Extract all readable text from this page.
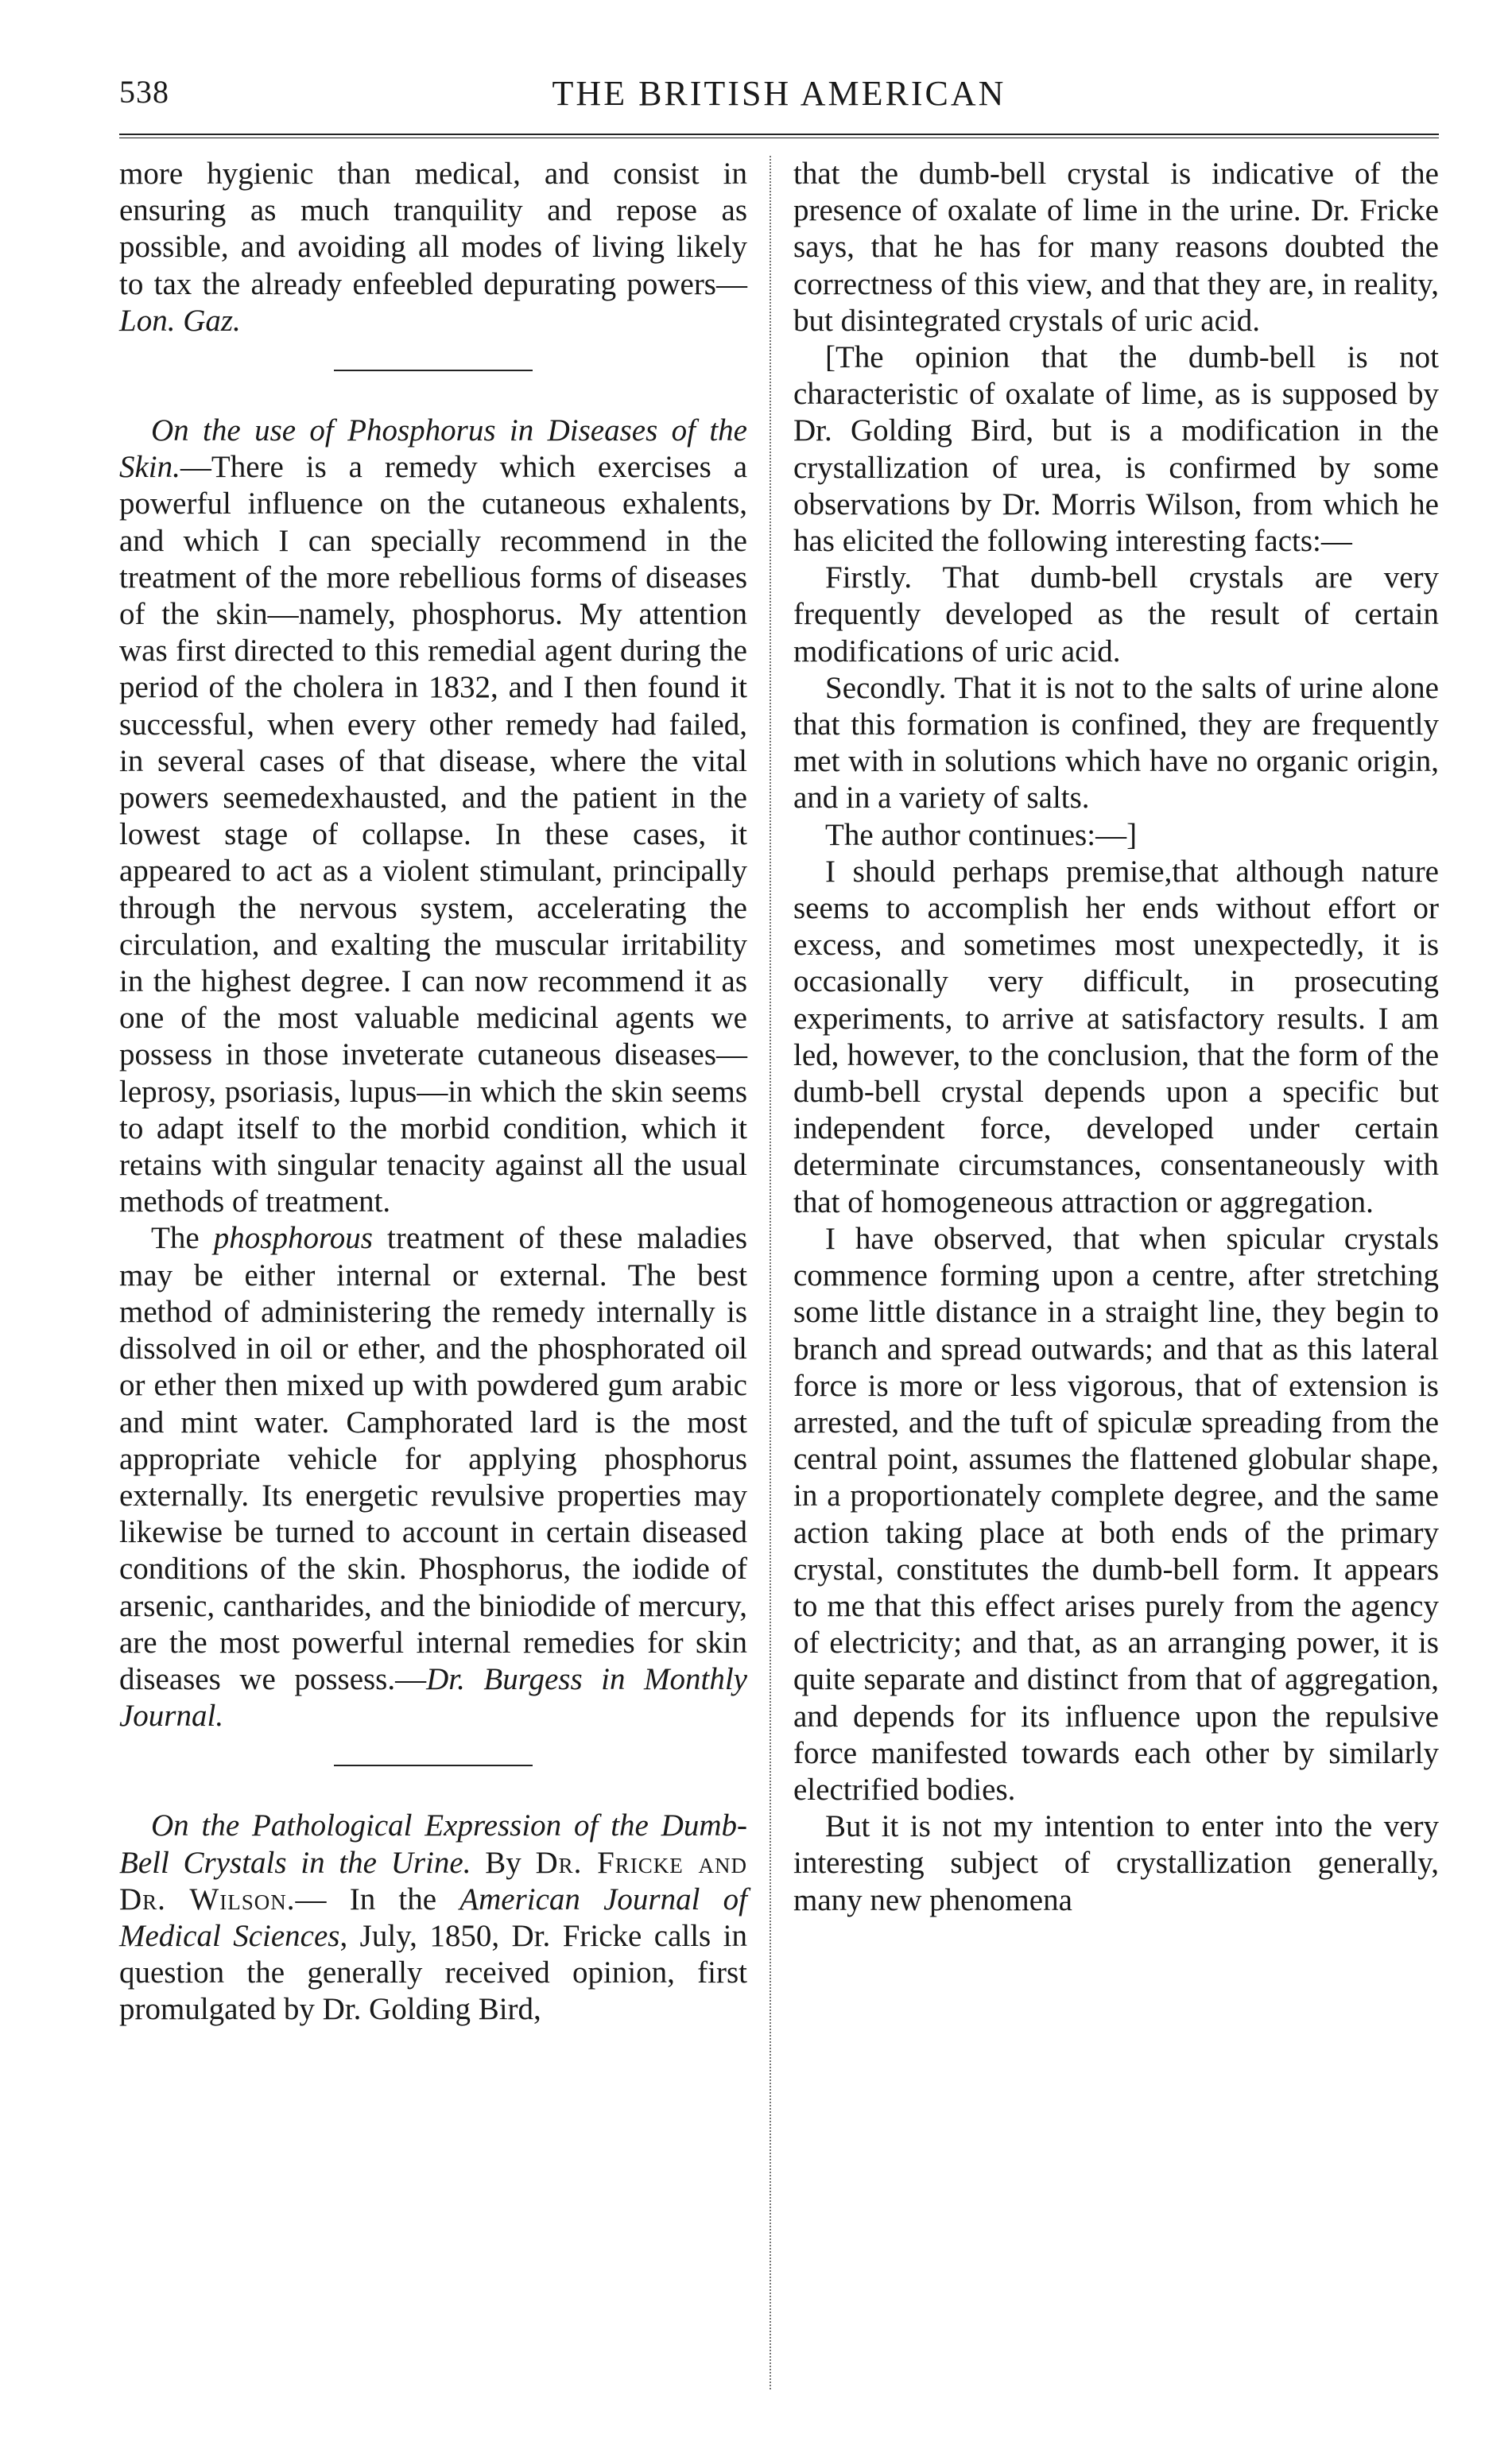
538	THE BRITISH AMERICAN

more hygienic than medical, and consist in ensuring as much tranquility and repose as possible, and avoiding all modes of living likely to tax the already enfeebled depurating powers—Lon. Gaz.

On the use of Phosphorus in Diseases of the Skin.—There is a remedy which exercises a powerful influence on the cutaneous exhalents, and which I can specially recommend in the treatment of the more rebellious forms of diseases of the skin—namely, phosphorus. My attention was first directed to this remedial agent during the period of the cholera in 1832, and I then found it successful, when every other remedy had failed, in several cases of that disease, where the vital powers seemedexhausted, and the patient in the lowest stage of collapse. In these cases, it appeared to act as a violent stimulant, principally through the nervous system, accelerating the circulation, and exalting the muscular irritability in the highest degree. I can now recommend it as one of the most valuable medicinal agents we possess in those inveterate cutaneous diseases—leprosy, psoriasis, lupus—in which the skin seems to adapt itself to the morbid condition, which it retains with singular tenacity against all the usual methods of treatment.

The phosphorous treatment of these maladies may be either internal or external. The best method of administering the remedy internally is dissolved in oil or ether, and the phosphorated oil or ether then mixed up with powdered gum arabic and mint water. Camphorated lard is the most appropriate vehicle for applying phosphorus externally. Its energetic revulsive properties may likewise be turned to account in certain diseased conditions of the skin. Phosphorus, the iodide of arsenic, cantharides, and the biniodide of mercury, are the most powerful internal remedies for skin diseases we possess.—Dr. Burgess in Monthly Journal.

On the Pathological Expression of the Dumb-Bell Crystals in the Urine. By Dr. Fricke and Dr. Wilson.— In the American Journal of Medical Sciences, July, 1850, Dr. Fricke calls in question the generally received opinion, first promulgated by Dr. Golding Bird,

that the dumb-bell crystal is indicative of the presence of oxalate of lime in the urine. Dr. Fricke says, that he has for many reasons doubted the correctness of this view, and that they are, in reality, but disintegrated crystals of uric acid.

[The opinion that the dumb-bell is not characteristic of oxalate of lime, as is supposed by Dr. Golding Bird, but is a modification in the crystallization of urea, is confirmed by some observations by Dr. Morris Wilson, from which he has elicited the following interesting facts:—

Firstly. That dumb-bell crystals are very frequently developed as the result of certain modifications of uric acid.

Secondly. That it is not to the salts of urine alone that this formation is confined, they are frequently met with in solutions which have no organic origin, and in a variety of salts.

The author continues:—]

I should perhaps premise,that although nature seems to accomplish her ends without effort or excess, and sometimes most unexpectedly, it is occasionally very difficult, in prosecuting experiments, to arrive at satisfactory results. I am led, however, to the conclusion, that the form of the dumb-bell crystal depends upon a specific but independent force, developed under certain determinate circumstances, consentaneously with that of homogeneous attraction or aggregation.

I have observed, that when spicular crystals commence forming upon a centre, after stretching some little distance in a straight line, they begin to branch and spread outwards; and that as this lateral force is more or less vigorous, that of extension is arrested, and the tuft of spiculæ spreading from the central point, assumes the flattened globular shape, in a proportionately complete degree, and the same action taking place at both ends of the primary crystal, constitutes the dumb-bell form. It appears to me that this effect arises purely from the agency of electricity; and that, as an arranging power, it is quite separate and distinct from that of aggregation, and depends for its influence upon the repulsive force manifested towards each other by similarly electrified bodies.

But it is not my intention to enter into the very interesting subject of crystallization generally, many new phenomena
